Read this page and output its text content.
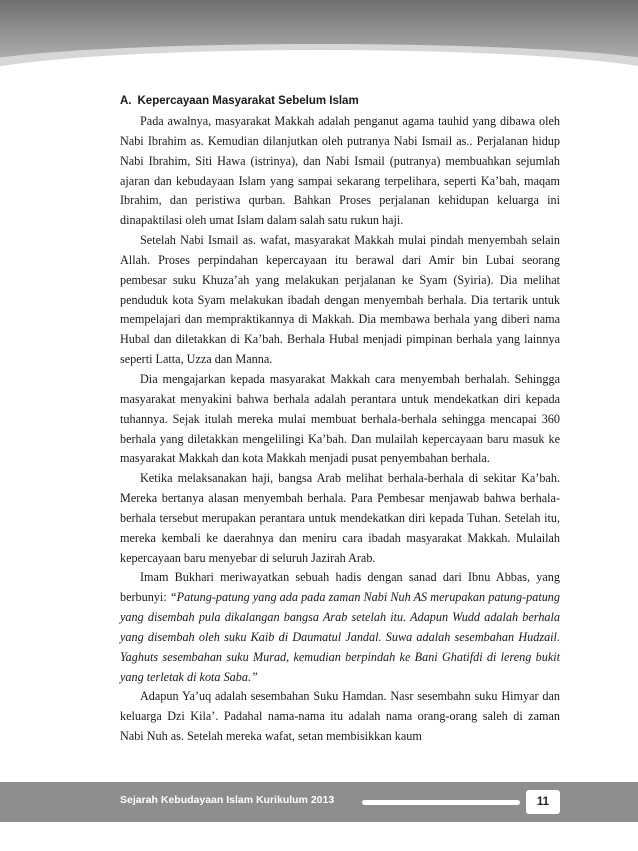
A. Kepercayaan Masyarakat Sebelum Islam

Pada awalnya, masyarakat Makkah adalah penganut agama tauhid yang dibawa oleh Nabi Ibrahim as. Kemudian dilanjutkan oleh putranya Nabi Ismail as.. Perjalanan hidup Nabi Ibrahim, Siti Hawa (istrinya), dan Nabi Ismail (putranya) membuahkan sejumlah ajaran dan kebudayaan Islam yang sampai sekarang terpelihara, seperti Ka’bah, maqam Ibrahim, dan peristiwa qurban. Bahkan Proses perjalanan kehidupan keluarga ini dinapaktilasi oleh umat Islam dalam salah satu rukun haji.

Setelah Nabi Ismail as. wafat, masyarakat Makkah mulai pindah menyembah selain Allah. Proses perpindahan kepercayaan itu berawal dari Amir bin Lubai seorang pembesar suku Khuza’ah yang melakukan perjalanan ke Syam (Syiria). Dia melihat penduduk kota Syam melakukan ibadah dengan menyembah berhala. Dia tertarik untuk mempelajari dan mempraktikannya di Makkah. Dia membawa berhala yang diberi nama Hubal dan diletakkan di Ka’bah. Berhala Hubal menjadi pimpinan berhala yang lainnya seperti Latta, Uzza dan Manna.

Dia mengajarkan kepada masyarakat Makkah cara menyembah berhalah. Sehingga masyarakat menyakini bahwa berhala adalah perantara untuk mendekatkan diri kepada tuhannya. Sejak itulah mereka mulai membuat berhala-berhala sehingga mencapai 360 berhala yang diletakkan mengelilingi Ka’bah. Dan mulailah kepercayaan baru masuk ke masyarakat Makkah dan kota Makkah menjadi pusat penyembahan berhala.

Ketika melaksanakan haji, bangsa Arab melihat berhala-berhala di sekitar Ka’bah. Mereka bertanya alasan menyembah berhala. Para Pembesar menjawab bahwa berhala-berhala tersebut merupakan perantara untuk mendekatkan diri kepada Tuhan. Setelah itu, mereka kembali ke daerahnya dan meniru cara ibadah masyarakat Makkah. Mulailah kepercayaan baru menyebar di seluruh Jazirah Arab.

Imam Bukhari meriwayatkan sebuah hadis dengan sanad dari Ibnu Abbas, yang berbunyi: “Patung-patung yang ada pada zaman Nabi Nuh AS merupakan patung-patung yang disembah pula dikalangan bangsa Arab setelah itu. Adapun Wudd adalah berhala yang disembah oleh suku Kaib di Daumatul Jandal. Suwa adalah sesembahan Hudzail. Yaghuts sesembahan suku Murad, kemudian berpindah ke Bani Ghatifdi di lereng bukit yang terletak di kota Saba.”

Adapun Ya’uq adalah sesembahan Suku Hamdan. Nasr sesembahn suku Himyar dan keluarga Dzi Kila’. Padahal nama-nama itu adalah nama orang-orang saleh di zaman Nabi Nuh as. Setelah mereka wafat, setan membisikkan kaum

Sejarah Kebudayaan Islam Kurikulum 2013	11
